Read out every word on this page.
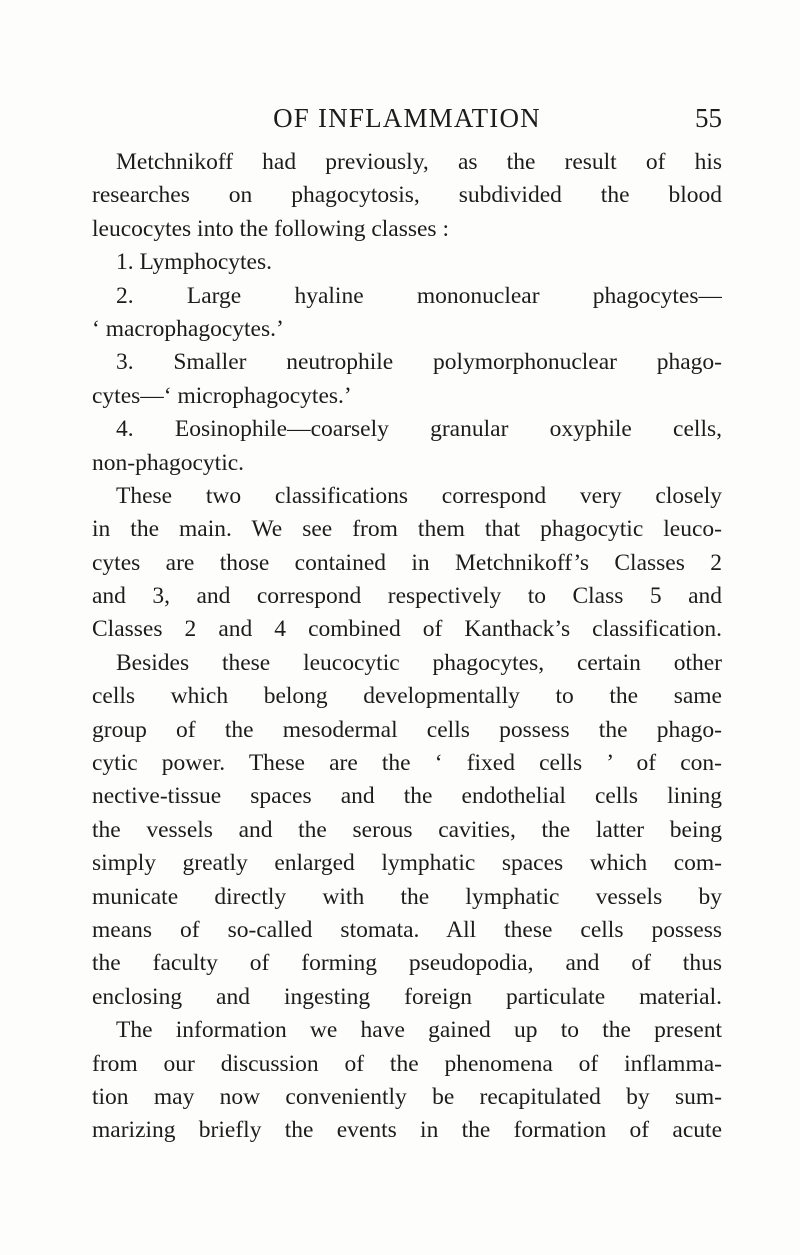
OF INFLAMMATION	55
Metchnikoff had previously, as the result of his
researches on phagocytosis, subdivided the blood
leucocytes into the following classes :
1. Lymphocytes.
2. Large hyaline mononuclear phagocytes—
‘ macrophagocytes.’
3. Smaller neutrophile polymorphonuclear phago-
cytes—‘ microphagocytes.’
4. Eosinophile—coarsely granular oxyphile cells,
non-phagocytic.
These two classifications correspond very closely
in the main. We see from them that phagocytic leuco-
cytes are those contained in Metchnikoff’s Classes 2
and 3, and correspond respectively to Class 5 and
Classes 2 and 4 combined of Kanthack’s classification.
Besides these leucocytic phagocytes, certain other
cells which belong developmentally to the same
group of the mesodermal cells possess the phago-
cytic power. These are the ‘ fixed cells ’ of con-
nective-tissue spaces and the endothelial cells lining
the vessels and the serous cavities, the latter being
simply greatly enlarged lymphatic spaces which com-
municate directly with the lymphatic vessels by
means of so-called stomata. All these cells possess
the faculty of forming pseudopodia, and of thus
enclosing and ingesting foreign particulate material.
The information we have gained up to the present
from our discussion of the phenomena of inflamma-
tion may now conveniently be recapitulated by sum-
marizing briefly the events in the formation of acute
